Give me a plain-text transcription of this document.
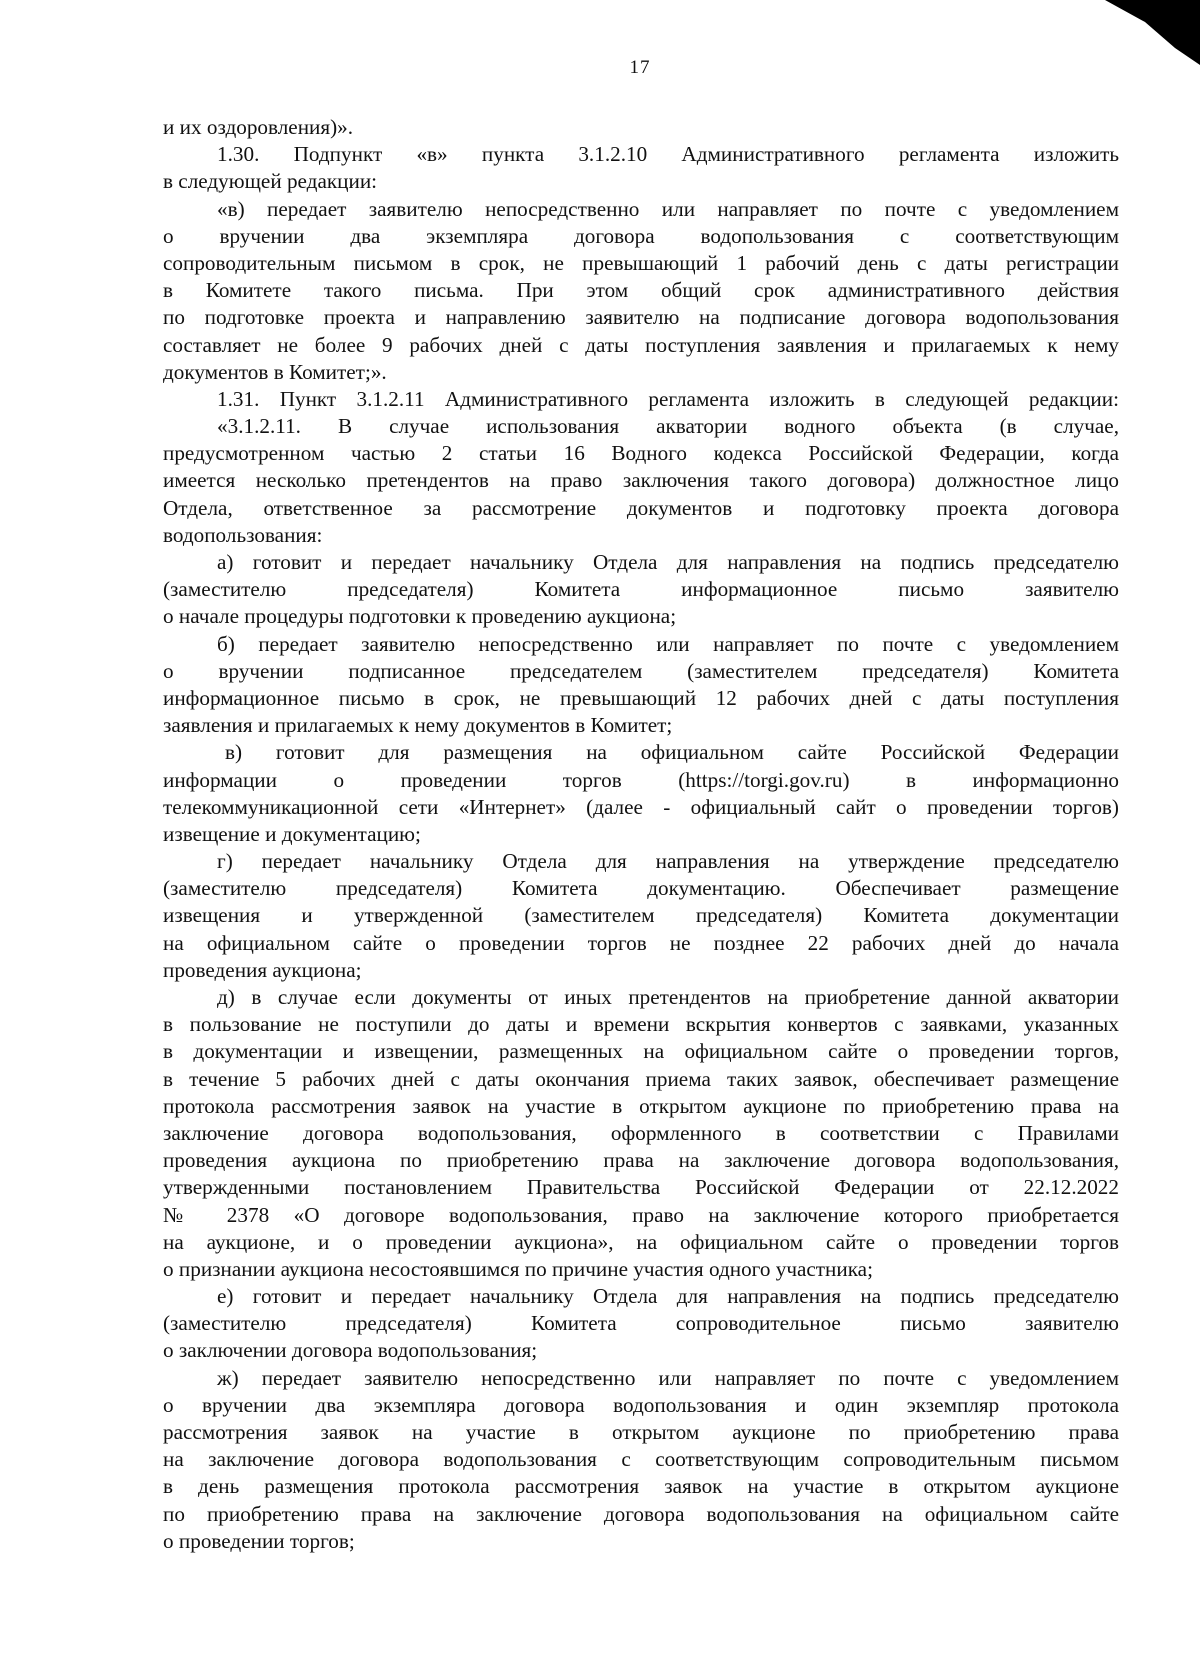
17
и их оздоровления)».
1.30. Подпункт «в» пункта 3.1.2.10 Административного регламента изложить
в следующей редакции:
«в) передает заявителю непосредственно или направляет по почте с уведомлением
о вручении два экземпляра договора водопользования с соответствующим
сопроводительным письмом в срок, не превышающий 1 рабочий день с даты регистрации
в Комитете такого письма. При этом общий срок административного действия
по подготовке проекта и направлению заявителю на подписание договора водопользования
составляет не более 9 рабочих дней с даты поступления заявления и прилагаемых к нему
документов в Комитет;».
1.31. Пункт 3.1.2.11 Административного регламента изложить в следующей редакции:
«3.1.2.11. В случае использования акватории водного объекта (в случае,
предусмотренном частью 2 статьи 16 Водного кодекса Российской Федерации, когда
имеется несколько претендентов на право заключения такого договора) должностное лицо
Отдела, ответственное за рассмотрение документов и подготовку проекта договора
водопользования:
а) готовит и передает начальнику Отдела для направления на подпись председателю
(заместителю председателя) Комитета информационное письмо заявителю
о начале процедуры подготовки к проведению аукциона;
б) передает заявителю непосредственно или направляет по почте с уведомлением
о вручении подписанное председателем (заместителем председателя) Комитета
информационное письмо в срок, не превышающий 12 рабочих дней с даты поступления
заявления и прилагаемых к нему документов в Комитет;
в) готовит для размещения на официальном сайте Российской Федерации
информации о проведении торгов (https://torgi.gov.ru) в информационно
телекоммуникационной сети «Интернет» (далее - официальный сайт о проведении торгов)
извещение и документацию;
г) передает начальнику Отдела для направления на утверждение председателю
(заместителю председателя) Комитета документацию. Обеспечивает размещение
извещения и утвержденной (заместителем председателя) Комитета документации
на официальном сайте о проведении торгов не позднее 22 рабочих дней до начала
проведения аукциона;
д) в случае если документы от иных претендентов на приобретение данной акватории
в пользование не поступили до даты и времени вскрытия конвертов с заявками, указанных
в документации и извещении, размещенных на официальном сайте о проведении торгов,
в течение 5 рабочих дней с даты окончания приема таких заявок, обеспечивает размещение
протокола рассмотрения заявок на участие в открытом аукционе по приобретению права на
заключение договора водопользования, оформленного в соответствии с Правилами
проведения аукциона по приобретению права на заключение договора водопользования,
утвержденными постановлением Правительства Российской Федерации от 22.12.2022
№ 2378 «О договоре водопользования, право на заключение которого приобретается
на аукционе, и о проведении аукциона», на официальном сайте о проведении торгов
о признании аукциона несостоявшимся по причине участия одного участника;
е) готовит и передает начальнику Отдела для направления на подпись председателю
(заместителю председателя) Комитета сопроводительное письмо заявителю
о заключении договора водопользования;
ж) передает заявителю непосредственно или направляет по почте с уведомлением
о вручении два экземпляра договора водопользования и один экземпляр протокола
рассмотрения заявок на участие в открытом аукционе по приобретению права
на заключение договора водопользования с соответствующим сопроводительным письмом
в день размещения протокола рассмотрения заявок на участие в открытом аукционе
по приобретению права на заключение договора водопользования на официальном сайте
о проведении торгов;
